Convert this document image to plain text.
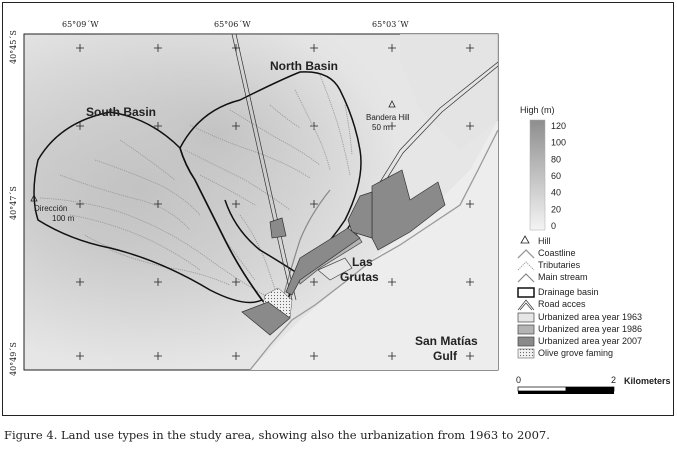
North Basin
South Basin
Las
Grutas
San Matías
Gulf
Bandera Hill
50 m
Dirección
100 m
65°09´W	65°06´W	65°03´W
40°45´S
40°47´S
40°49´S
High (m)
120
100
80
60
40
20
0
Hill
Coastline
Tributaries
Main stream
Drainage basin
Road acces
Urbanized area year 1963
Urbanized area year 1986
Urbanized area year 2007
Olive grove faming
0	2 Kilometers
Figure 4. Land use types in the study area, showing also the urbanization from 1963 to 2007.
